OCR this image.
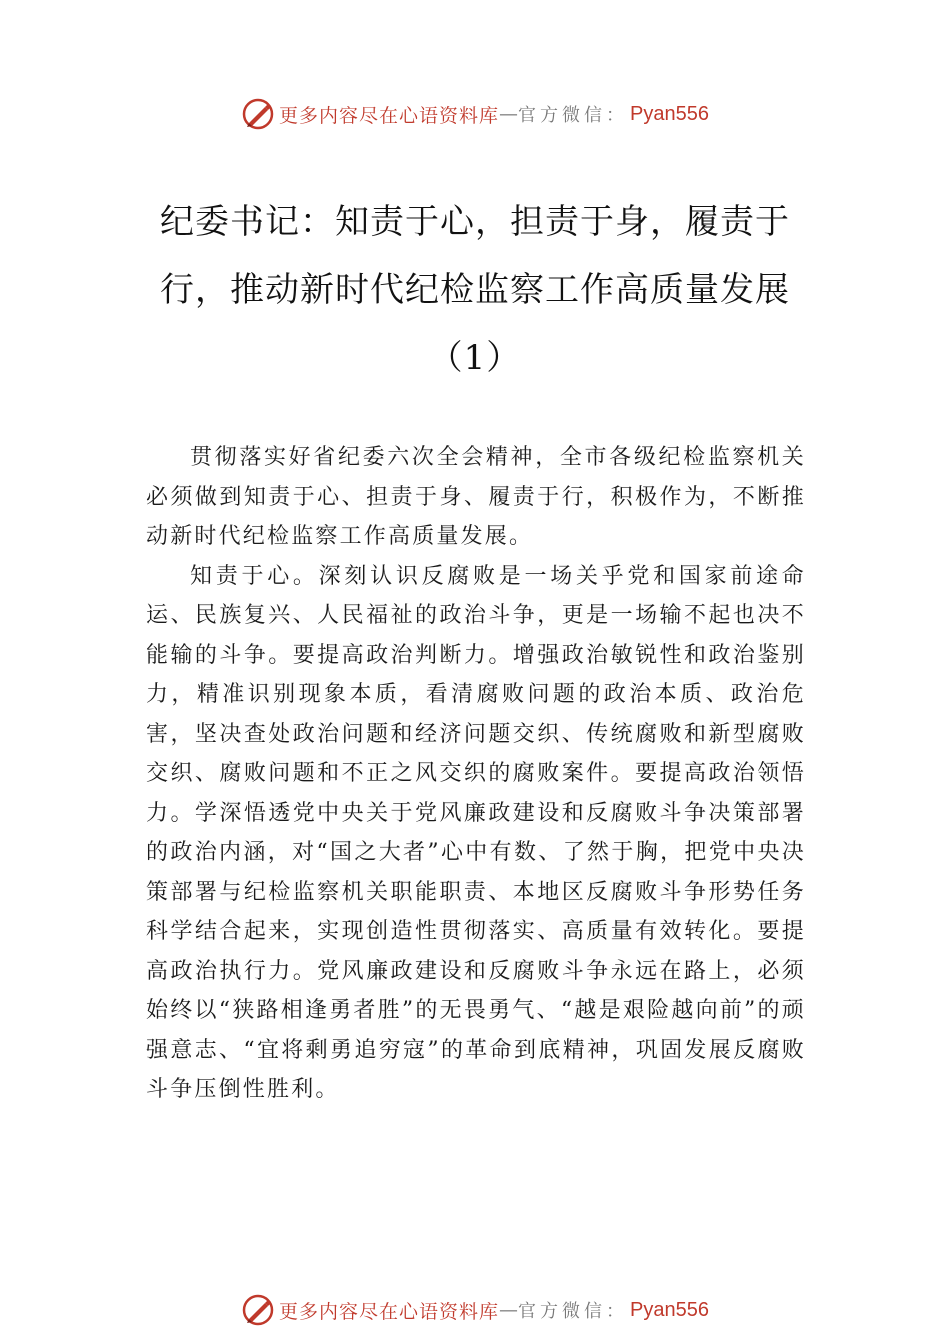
更多内容尽在心语资料库 — 官方微信： Pyan556
纪委书记：知责于心，担责于身，履责于
行，推动新时代纪检监察工作高质量发展
（1）

贯彻落实好省纪委六次全会精神，全市各级纪检监察机关必须做到知责于心、担责于身、履责于行，积极作为，不断推动新时代纪检监察工作高质量发展。

知责于心。深刻认识反腐败是一场关乎党和国家前途命运、民族复兴、人民福祉的政治斗争，更是一场输不起也决不能输的斗争。要提高政治判断力。增强政治敏锐性和政治鉴别力，精准识别现象本质，看清腐败问题的政治本质、政治危害，坚决查处政治问题和经济问题交织、传统腐败和新型腐败交织、腐败问题和不正之风交织的腐败案件。要提高政治领悟力。学深悟透党中央关于党风廉政建设和反腐败斗争决策部署的政治内涵，对“国之大者”心中有数、了然于胸，把党中央决策部署与纪检监察机关职能职责、本地区反腐败斗争形势任务科学结合起来，实现创造性贯彻落实、高质量有效转化。要提高政治执行力。党风廉政建设和反腐败斗争永远在路上，必须始终以“狭路相逢勇者胜”的无畏勇气、“越是艰险越向前”的顽强意志、“宜将剩勇追穷寇”的革命到底精神，巩固发展反腐败斗争压倒性胜利。

更多内容尽在心语资料库 — 官方微信： Pyan556
